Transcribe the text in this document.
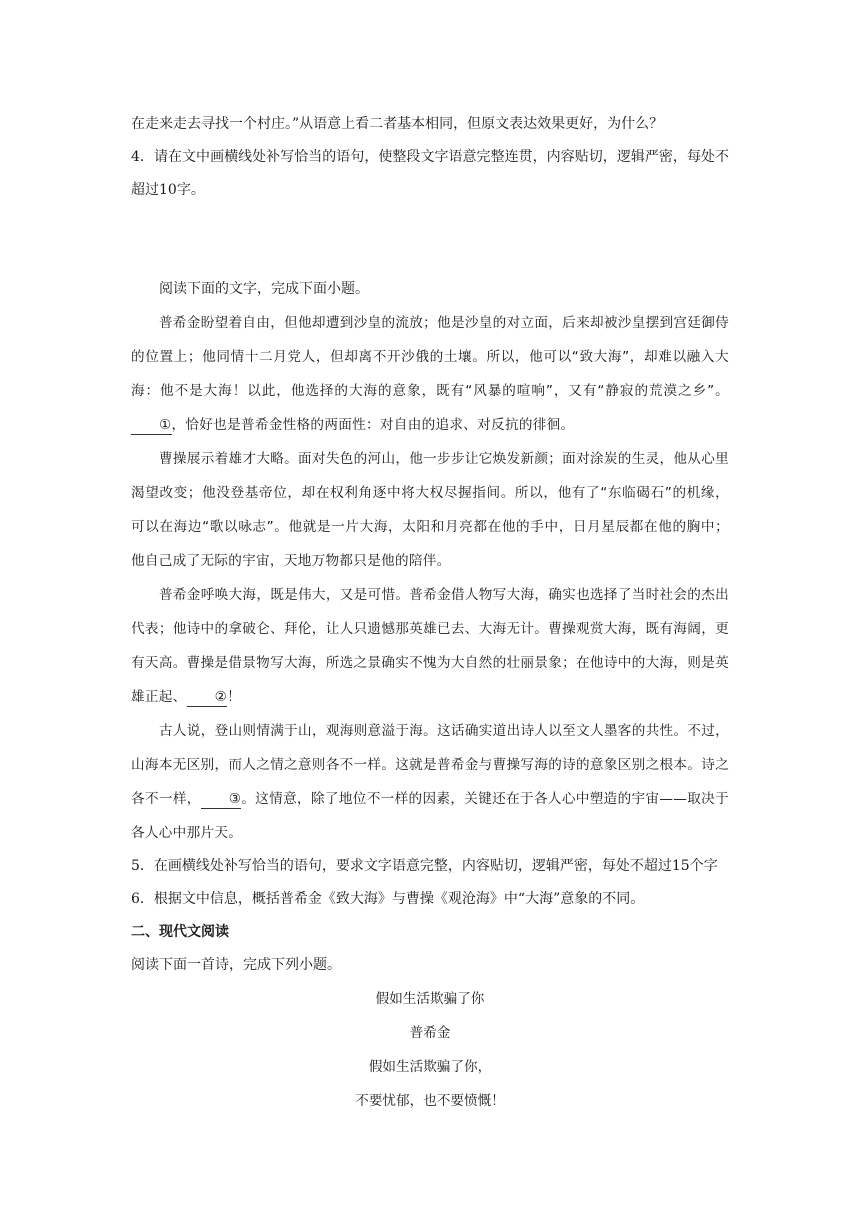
在走来走去寻找一个村庄。”从语意上看二者基本相同，但原文表达效果更好，为什么？

4．请在文中画横线处补写恰当的语句，使整段文字语意完整连贯，内容贴切，逻辑严密，每处不超过10字。

阅读下面的文字，完成下面小题。

普希金盼望着自由，但他却遭到沙皇的流放；他是沙皇的对立面，后来却被沙皇摆到宫廷御侍的位置上；他同情十二月党人，但却离不开沙俄的土壤。所以，他可以“致大海”，却难以融入大海：他不是大海！以此，他选择的大海的意象，既有“风暴的喧响”，又有“静寂的荒漠之乡”。①，恰好也是普希金性格的两面性：对自由的追求、对反抗的徘徊。

曹操展示着雄才大略。面对失色的河山，他一步步让它焕发新颜；面对涂炭的生灵，他从心里渴望改变；他没登基帝位，却在权利角逐中将大权尽握指间。所以，他有了“东临碣石”的机缘，可以在海边“歌以咏志”。他就是一片大海，太阳和月亮都在他的手中，日月星辰都在他的胸中；他自己成了无际的宇宙，天地万物都只是他的陪伴。

普希金呼唤大海，既是伟大，又是可惜。普希金借人物写大海，确实也选择了当时社会的杰出代表；他诗中的拿破仑、拜伦，让人只遗憾那英雄已去、大海无计。曹操观赏大海，既有海阔，更有天高。曹操是借景物写大海，所选之景确实不愧为大自然的壮丽景象；在他诗中的大海，则是英雄正起、 ②！

古人说，登山则情满于山，观海则意溢于海。这话确实道出诗人以至文人墨客的共性。不过，山海本无区别，而人之情之意则各不一样。这就是普希金与曹操写海的诗的意象区别之根本。诗之各不一样， ③。这情意，除了地位不一样的因素，关键还在于各人心中塑造的宇宙——取决于各人心中那片天。

5．在画横线处补写恰当的语句，要求文字语意完整，内容贴切，逻辑严密，每处不超过15个字

6．根据文中信息，概括普希金《致大海》与曹操《观沧海》中“大海”意象的不同。

二、现代文阅读

阅读下面一首诗，完成下列小题。

假如生活欺骗了你

普希金

假如生活欺骗了你，

不要忧郁，也不要愤慨！
